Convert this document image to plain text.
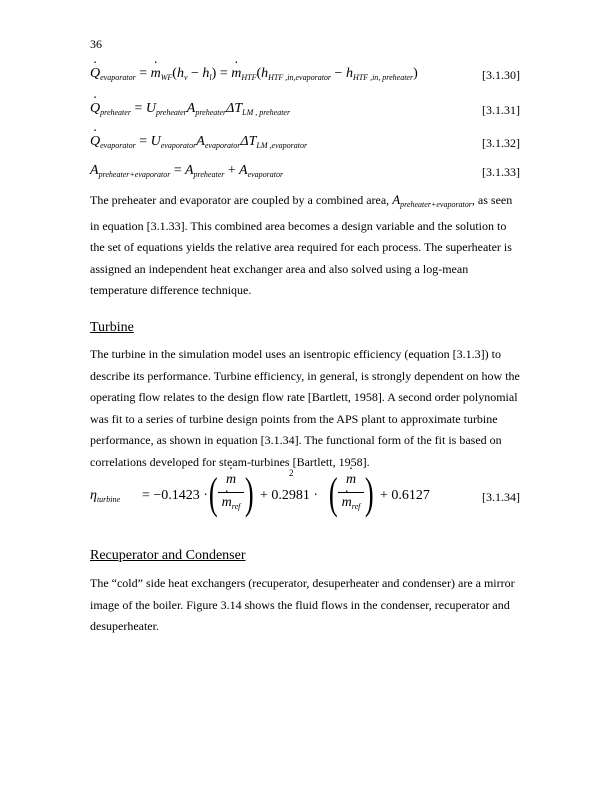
36
· $Q_{evaporator}$ = · $m_{WF}(h_v - h_l)$ = · $m_{HTF}(h_{HTF ,in,evaporator} - h_{HTF ,in, preheater})$	[3.1.30]
· $Q_{preheater} = U_{preheater}A_{preheater}\Delta T_{LM , preheater}$	[3.1.31]
· $Q_{evaporator} = U_{evaporator}A_{evaporator}\Delta T_{LM ,evaporator}$	[3.1.32]
$A_{preheater+evaporator} = A_{preheater} + A_{evaporator}$	[3.1.33]

The preheater and evaporator are coupled by a combined area, $A_{preheater+evaporator}$, as seen in equation [3.1.33]. This combined area becomes a design variable and the solution to the set of equations yields the relative area required for each process. The superheater is assigned an independent heat exchanger area and also solved using a log-mean temperature difference technique.

Turbine

The turbine in the simulation model uses an isentropic efficiency (equation [3.1.3]) to describe its performance. Turbine efficiency, in general, is strongly dependent on how the operating flow relates to the design flow rate [Bartlett, 1958]. A second order polynomial was fit to a series of turbine design points from the APS plant to approximate turbine performance, as shown in equation [3.1.34]. The functional form of the fit is based on correlations developed for steam-turbines [Bartlett, 1958].

$\eta_{turbine} = -0.1423$ · ( · m
· $m_{ref}$ )	2
+ 0.2981 · ( · m
· $m_{ref}$ ) + 0.6127	[3.1.34]
Recuperator and Condenser

The “cold” side heat exchangers (recuperator, desuperheater and condenser) are a mirror image of the boiler. Figure 3.14 shows the fluid flows in the condenser, recuperator and desuperheater.
